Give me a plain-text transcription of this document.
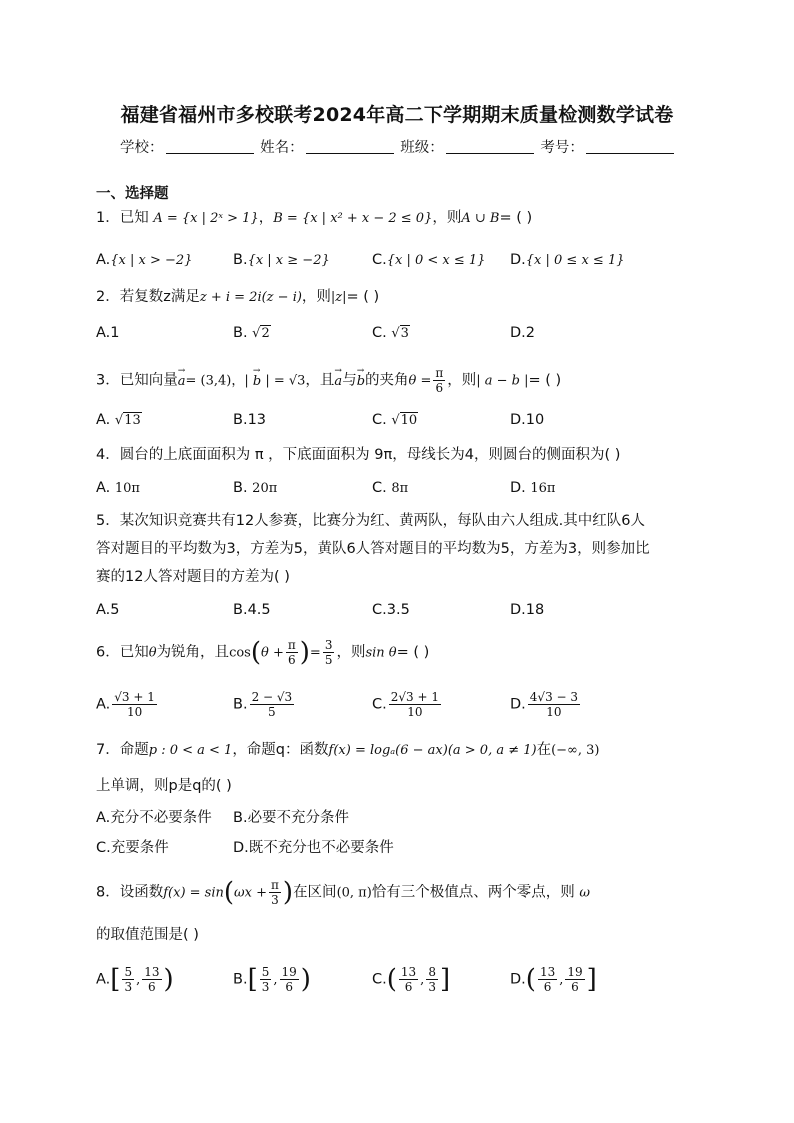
福建省福州市多校联考2024年高二下学期期末质量检测数学试卷
学校：	姓名：	班级：	考号：
一、选择题
1．已知 A = {x | 2ˣ > 1}，B = {x | x² + x − 2 ≤ 0}，则A ∪ B= ( )
A.{x | x > −2}	B.{x | x ≥ −2}	C.{x | 0 < x ≤ 1} D.{x | 0 ≤ x ≤ 1}
2．若复数z满足z + i = 2i(z − i)，则|z|= ( )
A.1	B. √2	C. √3	D.2
3．已知向量→ a= (3,4)，| → b | = √3，且→ a与→ b的夹角$\theta = \frac{\pi}{6}$ ，则| a − b |= ( )
A. √13	B.13	C. √10	D.10
4．圆台的上底面面积为 π ，下底面面积为 9π，母线长为4，则圆台的侧面积为( )
A. 10π	B. 20π	C. 8π	D. 16π
5．某次知识竞赛共有12人参赛，比赛分为红、黄两队，每队由六人组成.其中红队6人
答对题目的平均数为3，方差为5，黄队6人答对题目的平均数为5，方差为3，则参加比
赛的12人答对题目的方差为( )
A.5	B.4.5	C.3.5	D.18
6．已知θ为锐角，且$\cos(\theta + \frac{\pi}{6}$ )= $\frac{3}{5}$ ，则sin θ= ( )
A. $\frac{√3 + 1}{10}$	B. $\frac{2 - √3}{5}$	C. $\frac{2√3 + 1}{10}$	D. $\frac{4√3 - 3}{10}$
7．命题p : 0 < a < 1，命题q：函数f(x) = logₐ(6 − ax)(a > 0, a ≠ 1)在(−∞, 3)
上单调，则p是q的( )
A.充分不必要条件 B.必要不充分条件
C.充要条件	D.既不充分也不必要条件
8．设函数$f(x) = \sin(\omega x + \frac{\pi}{3}$ )在区间(0, π)恰有三个极值点、两个零点，则 ω
的取值范围是( )
$A.[ \frac{5}{3}$ , $\frac{13}{6}$ )	$B.[ \frac{5}{3}$ , $\frac{19}{6}$ )	$C.( \frac{13}{6}$ , $\frac{8}{3}$ ]	$D.( \frac{13}{6}$ , $\frac{19}{6}$ ]
